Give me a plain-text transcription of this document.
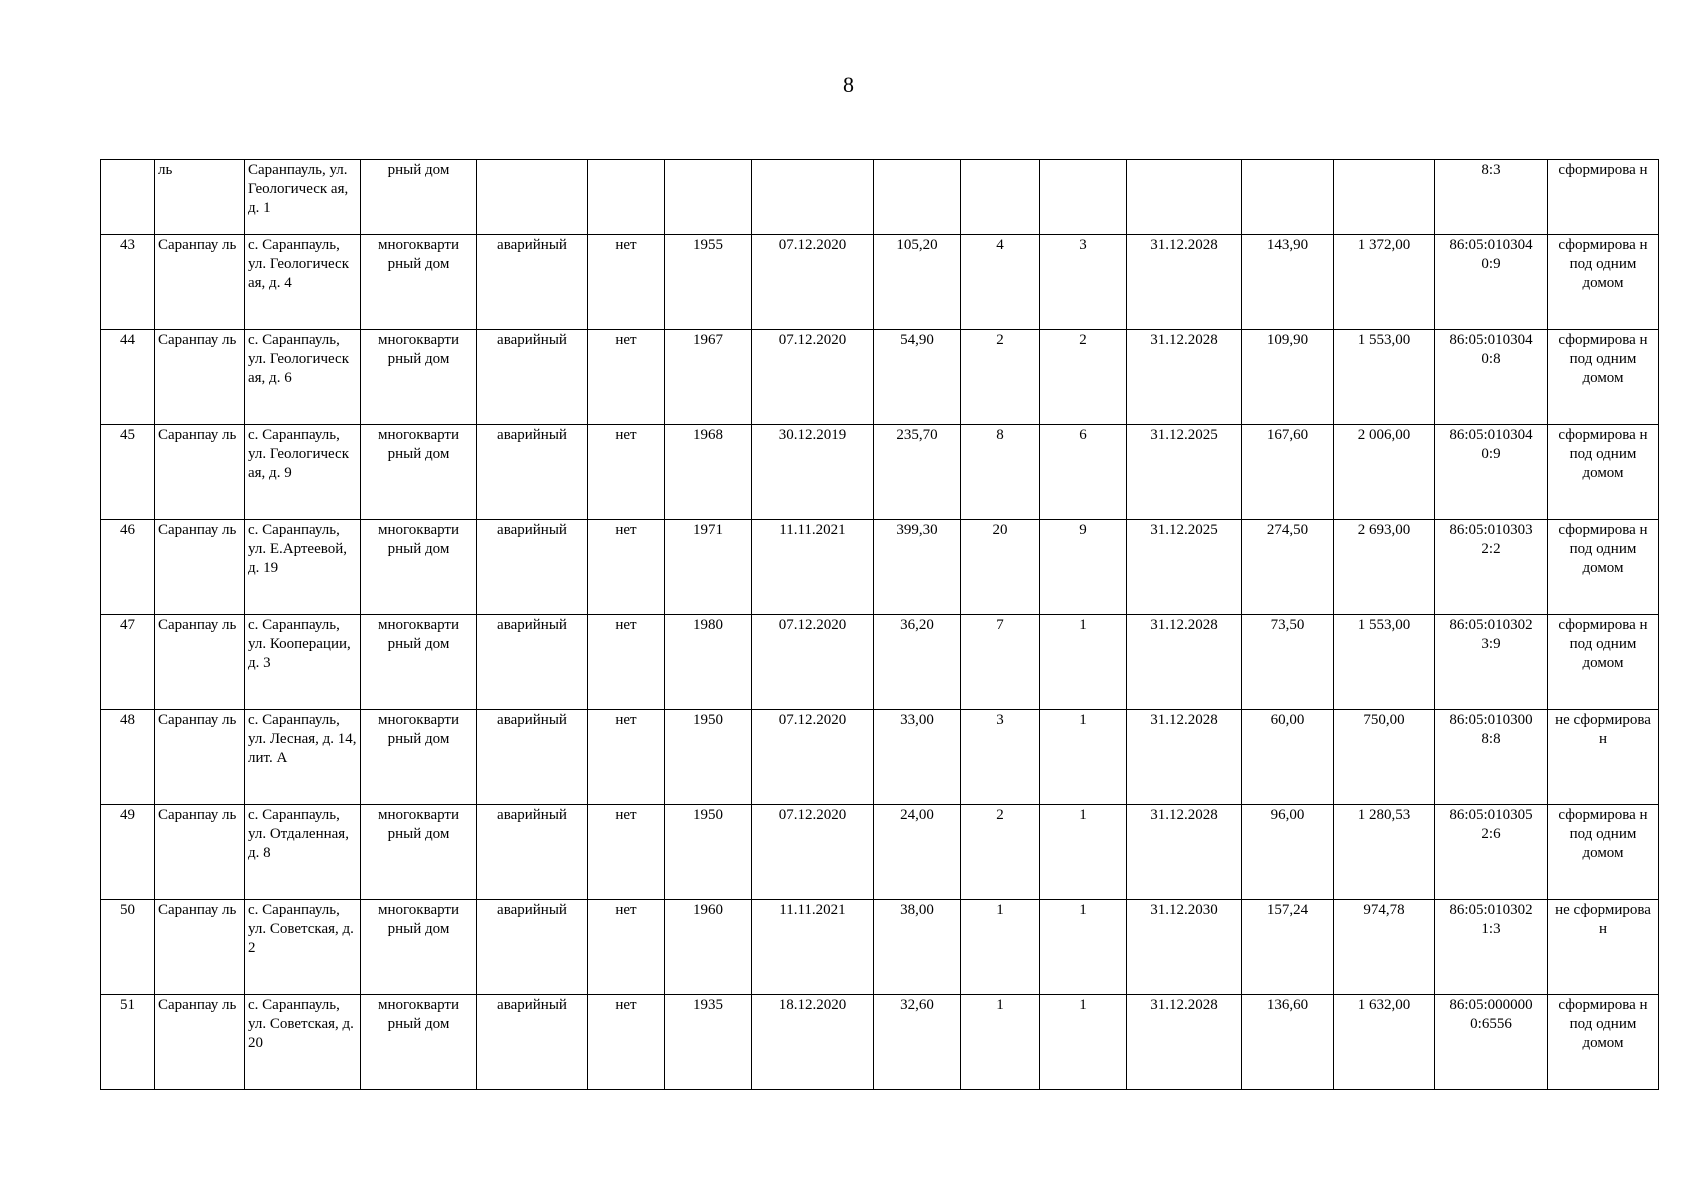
8
	ль	Саранпауль, ул. Геологическ ая, д. 1	рный дом											8:3	сформирова н
43	Саранпау ль	с. Саранпауль, ул. Геологическ ая, д. 4	многокварти рный дом	аварийный	нет	1955	07.12.2020	105,20	4	3	31.12.2028	143,90	1 372,00	86:05:010304 0:9	сформирова н под одним домом
44	Саранпау ль	с. Саранпауль, ул. Геологическ ая, д. 6	многокварти рный дом	аварийный	нет	1967	07.12.2020	54,90	2	2	31.12.2028	109,90	1 553,00	86:05:010304 0:8	сформирова н под одним домом
45	Саранпау ль	с. Саранпауль, ул. Геологическ ая, д. 9	многокварти рный дом	аварийный	нет	1968	30.12.2019	235,70	8	6	31.12.2025	167,60	2 006,00	86:05:010304 0:9	сформирова н под одним домом
46	Саранпау ль	с. Саранпауль, ул. Е.Артеевой, д. 19	многокварти рный дом	аварийный	нет	1971	11.11.2021	399,30	20	9	31.12.2025	274,50	2 693,00	86:05:010303 2:2	сформирова н под одним домом
47	Саранпау ль	с. Саранпауль, ул. Кооперации, д. 3	многокварти рный дом	аварийный	нет	1980	07.12.2020	36,20	7	1	31.12.2028	73,50	1 553,00	86:05:010302 3:9	сформирова н под одним домом
48	Саранпау ль	с. Саранпауль, ул. Лесная, д. 14, лит. А	многокварти рный дом	аварийный	нет	1950	07.12.2020	33,00	3	1	31.12.2028	60,00	750,00	86:05:010300 8:8	не сформирова н
49	Саранпау ль	с. Саранпауль, ул. Отдаленная, д. 8	многокварти рный дом	аварийный	нет	1950	07.12.2020	24,00	2	1	31.12.2028	96,00	1 280,53	86:05:010305 2:6	сформирова н под одним домом
50	Саранпау ль	с. Саранпауль, ул. Советская, д. 2	многокварти рный дом	аварийный	нет	1960	11.11.2021	38,00	1	1	31.12.2030	157,24	974,78	86:05:010302 1:3	не сформирова н
51	Саранпау ль	с. Саранпауль, ул. Советская, д. 20	многокварти рный дом	аварийный	нет	1935	18.12.2020	32,60	1	1	31.12.2028	136,60	1 632,00	86:05:000000 0:6556	сформирова н под одним домом
